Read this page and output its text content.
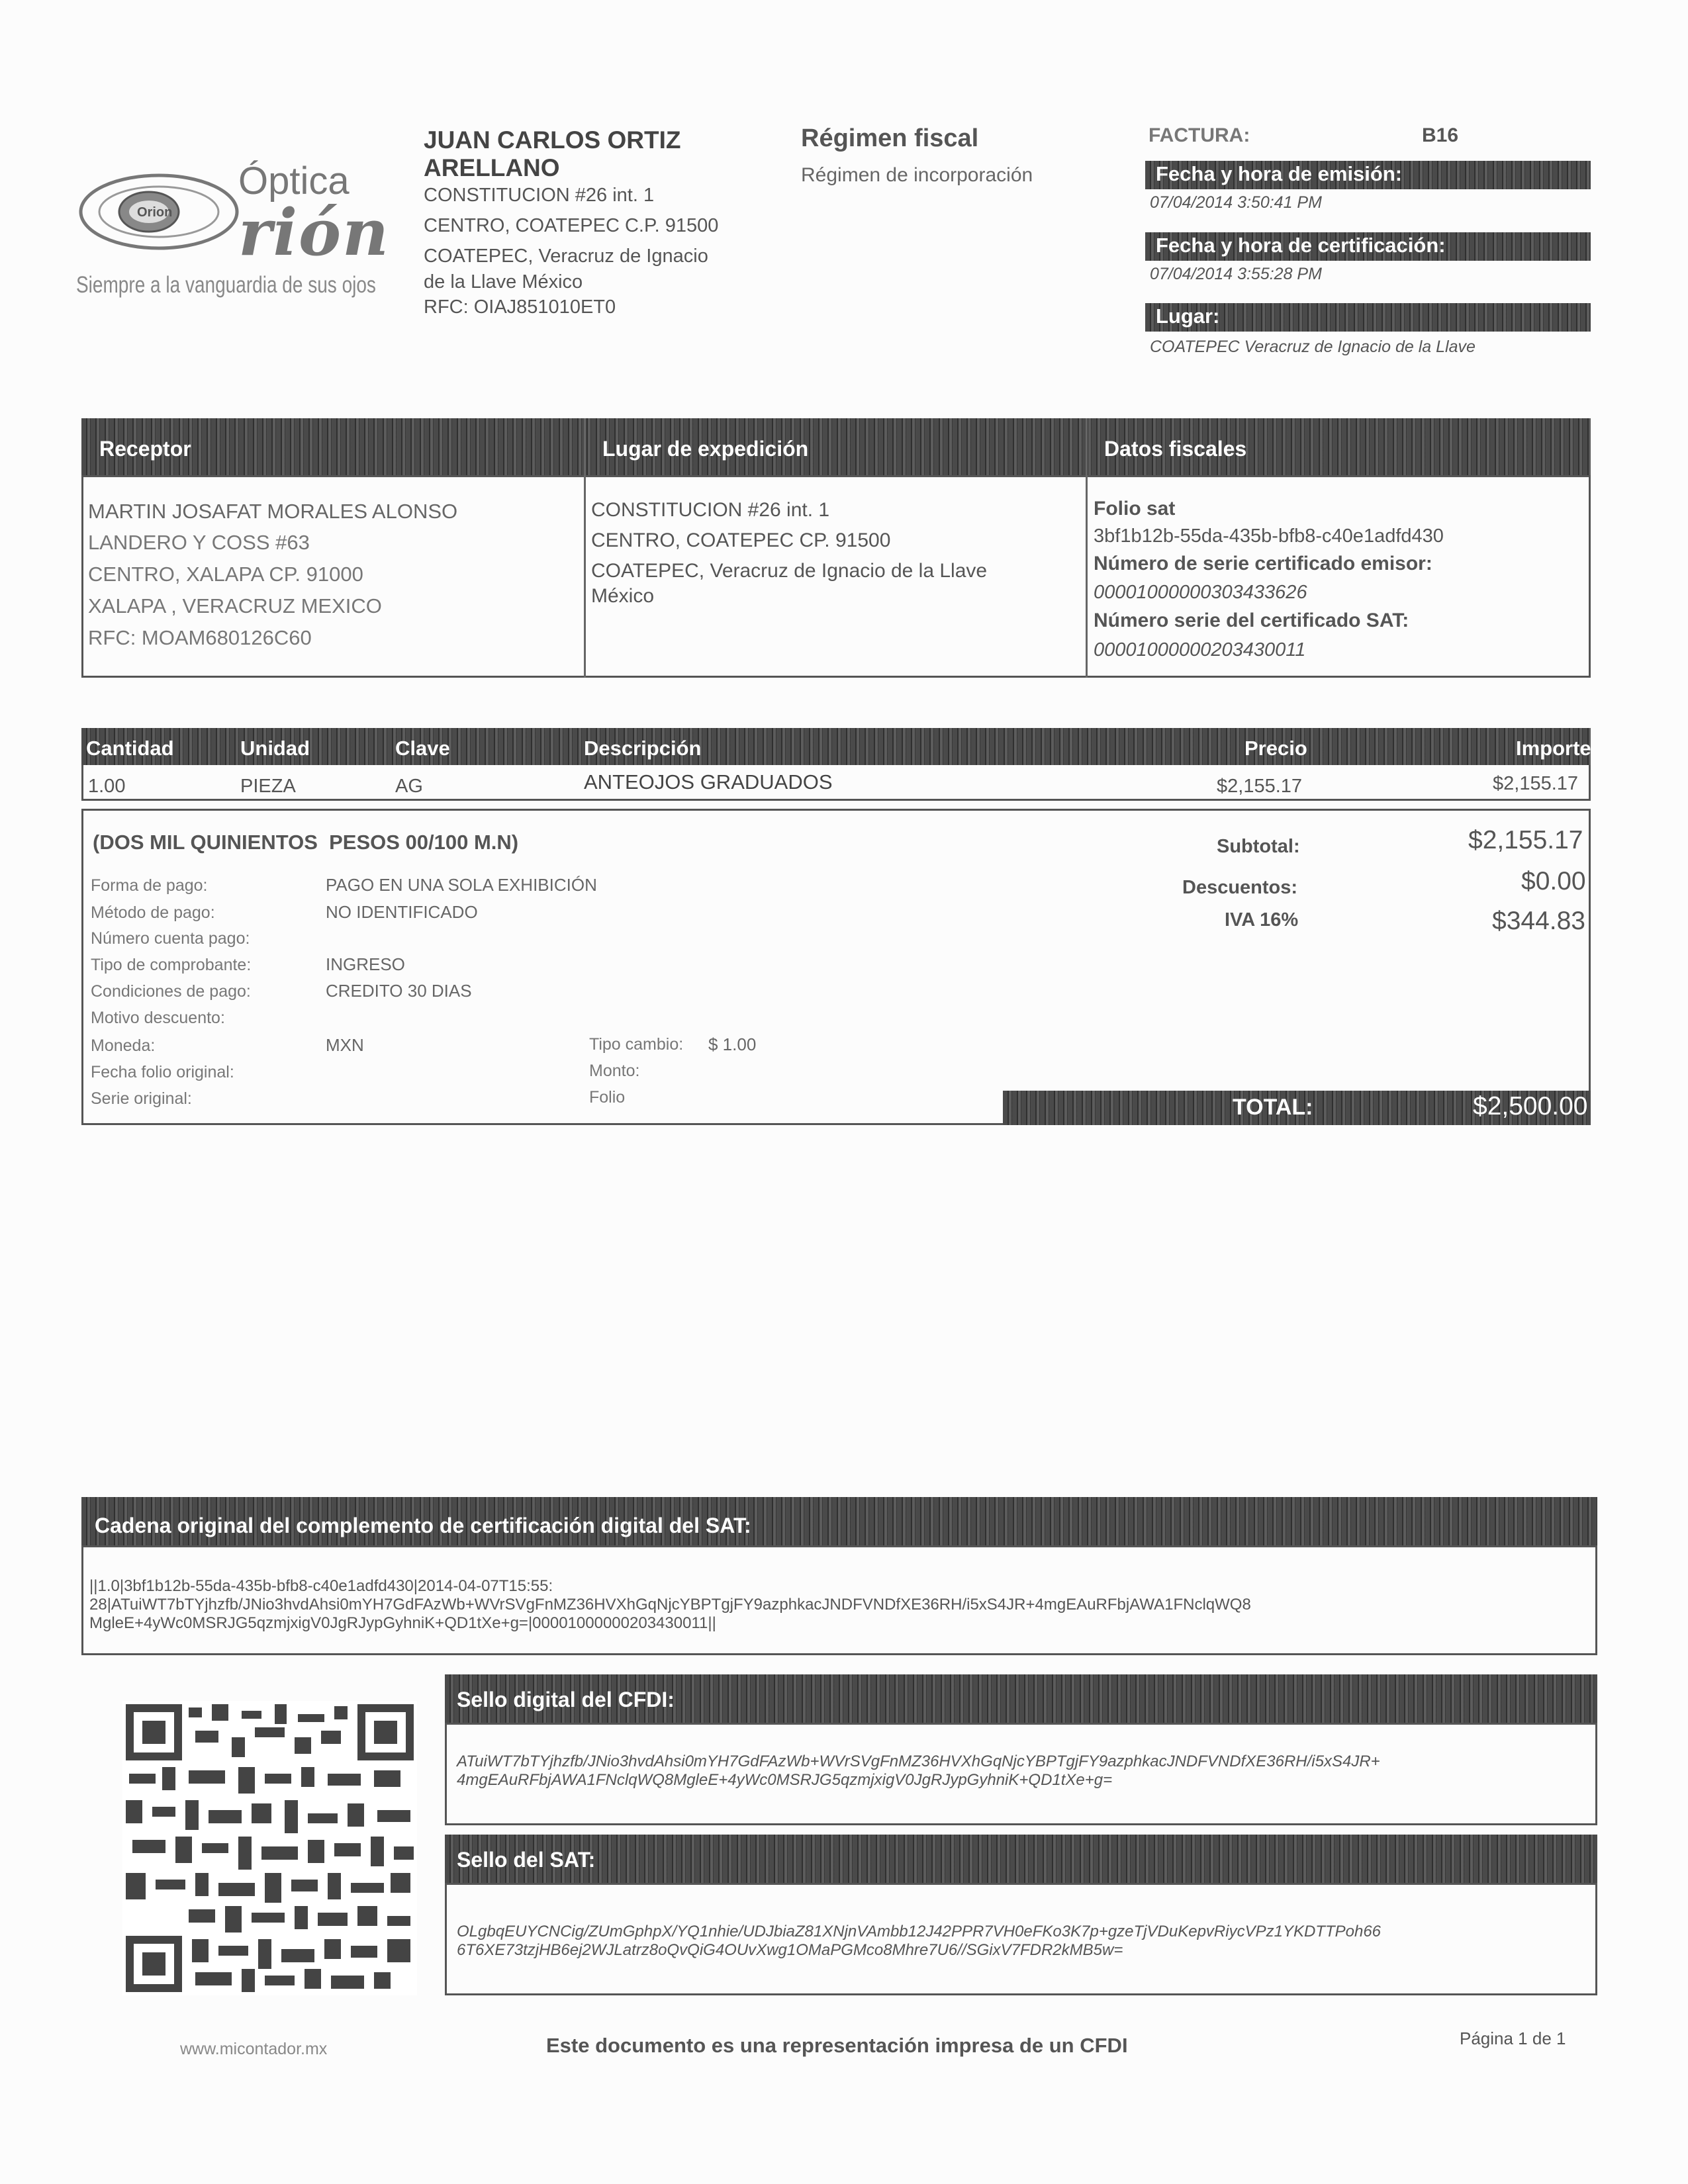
Orion
Óptica
rión
Siempre a la vanguardia de sus ojos
JUAN CARLOS ORTIZ
ARELLANO
CONSTITUCION #26 int. 1
CENTRO, COATEPEC C.P. 91500
COATEPEC, Veracruz de Ignacio
de la Llave México
RFC: OIAJ851010ET0
Régimen fiscal
Régimen de incorporación
FACTURA:	B16
Fecha y hora de emisión:
07/04/2014 3:50:41 PM
Fecha y hora de certificación:
07/04/2014 3:55:28 PM
Lugar:
COATEPEC Veracruz de Ignacio de la Llave
Receptor	Lugar de expedición	Datos fiscales
MARTIN JOSAFAT MORALES ALONSO
LANDERO Y COSS #63
CENTRO, XALAPA CP. 91000
XALAPA , VERACRUZ MEXICO
RFC: MOAM680126C60
CONSTITUCION #26 int. 1
CENTRO, COATEPEC CP. 91500
COATEPEC, Veracruz de Ignacio de la Llave
México
Folio sat
3bf1b12b-55da-435b-bfb8-c40e1adfd430
Número de serie certificado emisor:
00001000000303433626
Número serie del certificado SAT:
00001000000203430011
Cantidad	Unidad	Clave	Descripción	Precio	Importe
1.00	PIEZA	AG	ANTEOJOS GRADUADOS	$2,155.17	$2,155.17
(DOS MIL QUINIENTOS  PESOS 00/100 M.N)
Forma de pago:	PAGO EN UNA SOLA EXHIBICIÓN
Método de pago:	NO IDENTIFICADO
Número cuenta pago:
Tipo de comprobante:	INGRESO
Condiciones de pago:	CREDITO 30 DIAS
Motivo descuento:
Moneda:	MXN
Fecha folio original:
Serie original:
Tipo cambio: $ 1.00
Monto:
Folio
Subtotal:	$2,155.17
Descuentos:	$0.00
IVA 16%	$344.83
TOTAL:	$2,500.00
Cadena original del complemento de certificación digital del SAT:
||1.0|3bf1b12b-55da-435b-bfb8-c40e1adfd430|2014-04-07T15:55:
28|ATuiWT7bTYjhzfb/JNio3hvdAhsi0mYH7GdFAzWb+WVrSVgFnMZ36HVXhGqNjcYBPTgjFY9azphkacJNDFVNDfXE36RH/i5xS4JR+4mgEAuRFbjAWA1FNclqWQ8
MgleE+4yWc0MSRJG5qzmjxigV0JgRJypGyhniK+QD1tXe+g=|00001000000203430011||
Sello digital del CFDI:
ATuiWT7bTYjhzfb/JNio3hvdAhsi0mYH7GdFAzWb+WVrSVgFnMZ36HVXhGqNjcYBPTgjFY9azphkacJNDFVNDfXE36RH/i5xS4JR+
4mgEAuRFbjAWA1FNclqWQ8MgleE+4yWc0MSRJG5qzmjxigV0JgRJypGyhniK+QD1tXe+g=
Sello del SAT:
OLgbqEUYCNCig/ZUmGphpX/YQ1nhie/UDJbiaZ81XNjnVAmbb12J42PPR7VH0eFKo3K7p+gzeTjVDuKepvRiycVPz1YKDTTPoh66
6T6XE73tzjHB6ej2WJLatrz8oQvQiG4OUvXwg1OMaPGMco8Mhre7U6//SGixV7FDR2kMB5w=
www.micontador.mx	Este documento es una representación impresa de un CFDI	Página 1 de 1
